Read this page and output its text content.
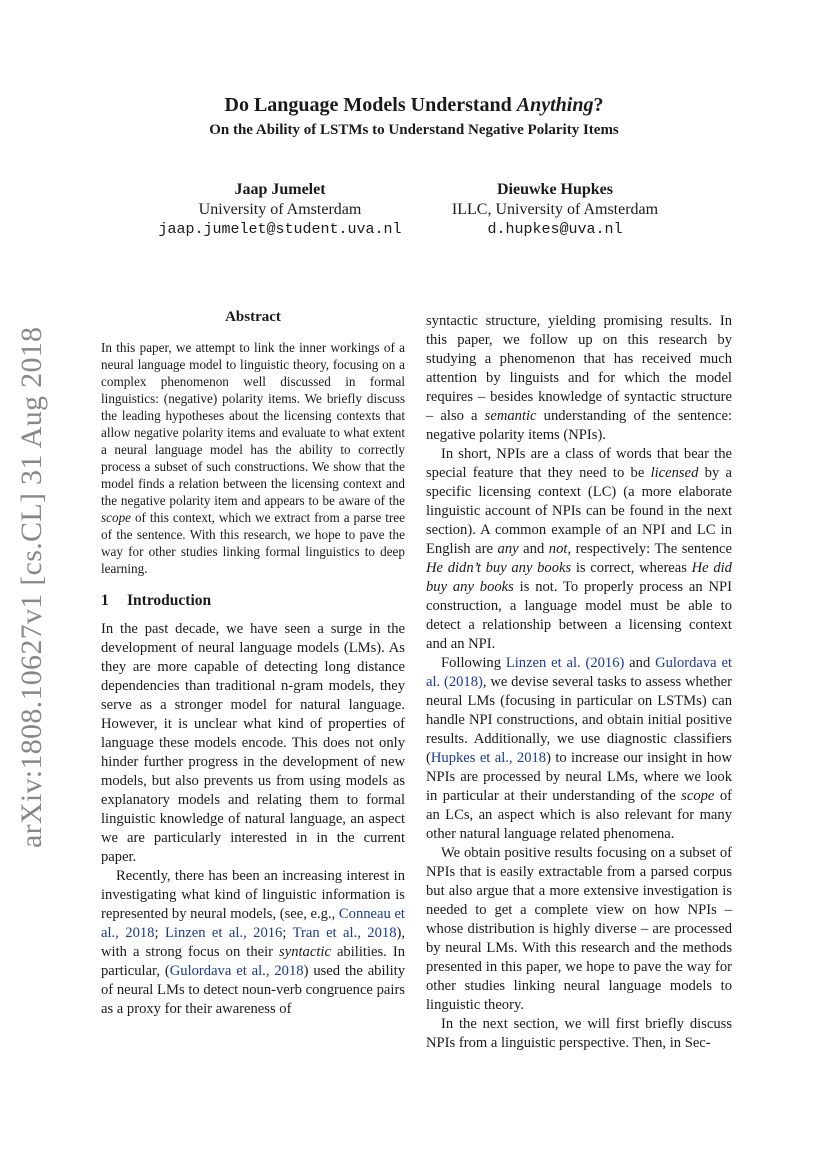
Do Language Models Understand Anything?
On the Ability of LSTMs to Understand Negative Polarity Items
Jaap Jumelet
University of Amsterdam
jaap.jumelet@student.uva.nl
Dieuwke Hupkes
ILLC, University of Amsterdam
d.hupkes@uva.nl
arXiv:1808.10627v1 [cs.CL] 31 Aug 2018
Abstract

In this paper, we attempt to link the inner workings of a neural language model to linguistic theory, focusing on a complex phenomenon well discussed in formal linguistics: (negative) polarity items. We briefly discuss the leading hypotheses about the licensing contexts that allow negative polarity items and evaluate to what extent a neural language model has the ability to correctly process a subset of such constructions. We show that the model finds a relation between the licensing context and the negative polarity item and appears to be aware of the scope of this context, which we extract from a parse tree of the sentence. With this research, we hope to pave the way for other studies linking formal linguistics to deep learning.

1 Introduction

In the past decade, we have seen a surge in the development of neural language models (LMs). As they are more capable of detecting long distance dependencies than traditional n-gram models, they serve as a stronger model for natural language. However, it is unclear what kind of properties of language these models encode. This does not only hinder further progress in the development of new models, but also prevents us from using models as explanatory models and relating them to formal linguistic knowledge of natural language, an aspect we are particularly interested in in the current paper.

Recently, there has been an increasing interest in investigating what kind of linguistic information is represented by neural models, (see, e.g., Conneau et al., 2018; Linzen et al., 2016; Tran et al., 2018), with a strong focus on their syntactic abilities. In particular, (Gulordava et al., 2018) used the ability of neural LMs to detect noun-verb congruence pairs as a proxy for their awareness of

syntactic structure, yielding promising results. In this paper, we follow up on this research by studying a phenomenon that has received much attention by linguists and for which the model requires – besides knowledge of syntactic structure – also a semantic understanding of the sentence: negative polarity items (NPIs).

In short, NPIs are a class of words that bear the special feature that they need to be licensed by a specific licensing context (LC) (a more elaborate linguistic account of NPIs can be found in the next section). A common example of an NPI and LC in English are any and not, respectively: The sentence He didn’t buy any books is correct, whereas He did buy any books is not. To properly process an NPI construction, a language model must be able to detect a relationship between a licensing context and an NPI.

Following Linzen et al. (2016) and Gulordava et al. (2018), we devise several tasks to assess whether neural LMs (focusing in particular on LSTMs) can handle NPI constructions, and obtain initial positive results. Additionally, we use diagnostic classifiers (Hupkes et al., 2018) to increase our insight in how NPIs are processed by neural LMs, where we look in particular at their understanding of the scope of an LCs, an aspect which is also relevant for many other natural language related phenomena.

We obtain positive results focusing on a subset of NPIs that is easily extractable from a parsed corpus but also argue that a more extensive investigation is needed to get a complete view on how NPIs – whose distribution is highly diverse – are processed by neural LMs. With this research and the methods presented in this paper, we hope to pave the way for other studies linking neural language models to linguistic theory.

In the next section, we will first briefly discuss NPIs from a linguistic perspective. Then, in Sec-
